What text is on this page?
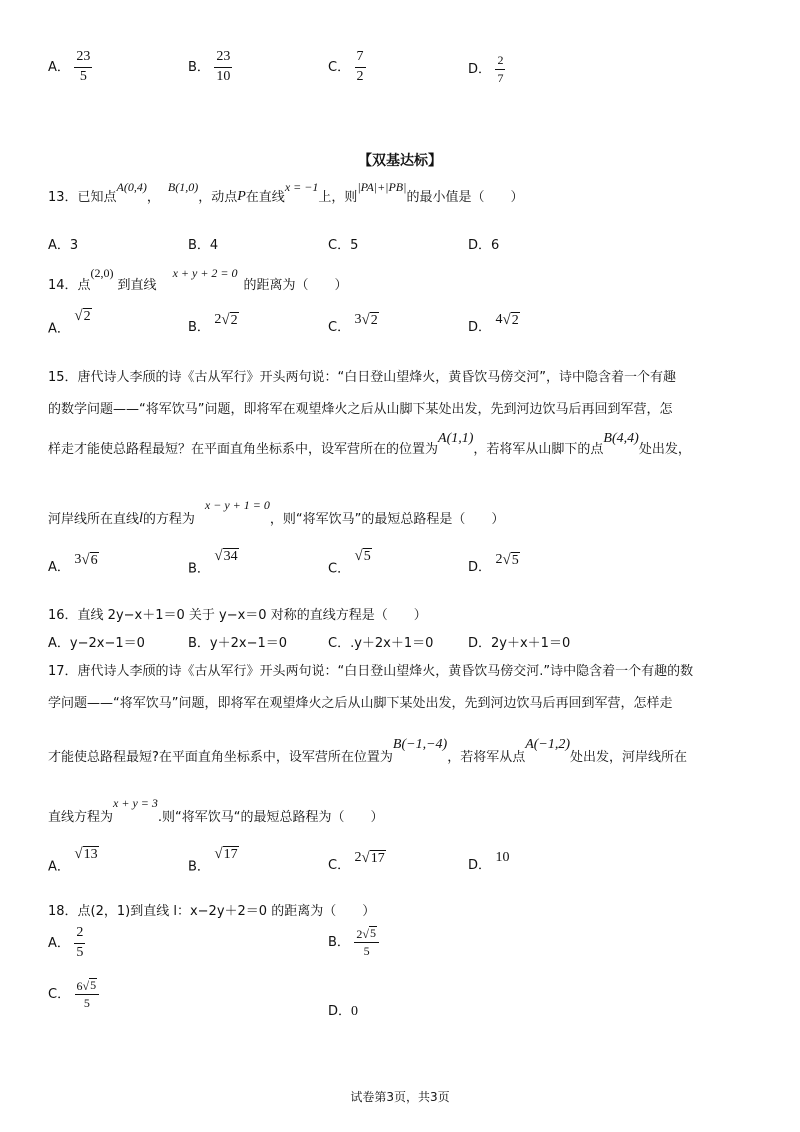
A． $\frac{23}{5}$	B． $\frac{23}{10}$	C． $\frac{7}{2}$	D． $\frac{2}{7}$
【双基达标】
13．已知点
A(0,4)
，
B(1,0)
，动点 P 在直线
x = −1
上，则
|PA|+|PB|
的最小值是（　　）
A．3	B．4	C．5	D．6
14．点
(2,0)
到直线
x + y + 2 = 0
的距离为（　　）
A．
√ 2
B．
2 √ 2	C．
3 √ 2	D．
4 √ 2
15．唐代诗人李颀的诗《古从军行》开头两句说：“白日登山望烽火，黄昏饮马傍交河”，诗中隐含着一个有趣
的数学问题——“将军饮马”问题，即将军在观望烽火之后从山脚下某处出发，先到河边饮马后再回到军营，怎
样走才能使总路程最短？在平面直角坐标系中，设军营所在的位置为
A(1,1)
，若将军从山脚下的点
B(4,4)
处出发，
河岸线所在直线 l 的方程为
x − y + 1 = 0
，则“将军饮马”的最短总路程是（　　）
A．
3 √ 6
B．
√ 34
C．
√ 5
D．
2 √ 5
16．直线 2y−x＋1＝0 关于 y−x＝0 对称的直线方程是（　　）
A．y−2x−1＝0	B．y＋2x−1＝0	C．.y＋2x＋1＝0	D．2y＋x＋1＝0
17．唐代诗人李颀的诗《古从军行》开头两句说：“白日登山望烽火，黄昏饮马傍交河.”诗中隐含着一个有趣的数
学问题——“将军饮马”问题，即将军在观望烽火之后从山脚下某处出发，先到河边饮马后再回到军营，怎样走
才能使总路程最短?在平面直角坐标系中，设军营所在位置为
B(−1,−4)
，若将军从点
A(−1,2)
处出发，河岸线所在
直线方程为
x + y = 3
.则“将军饮马“的最短总路程为（　　）
A．
√ 13
B．
√ 17
C．
2 √ 17	D． 10
18．点(2，1)到直线 l：x−2y＋2＝0 的距离为（　　）
A． $\frac{2}{5}$	B． $\frac{2 √ 5}{5}$
C． $\frac{6 √ 5}{5}$
D．0
试卷第3页，共3页
